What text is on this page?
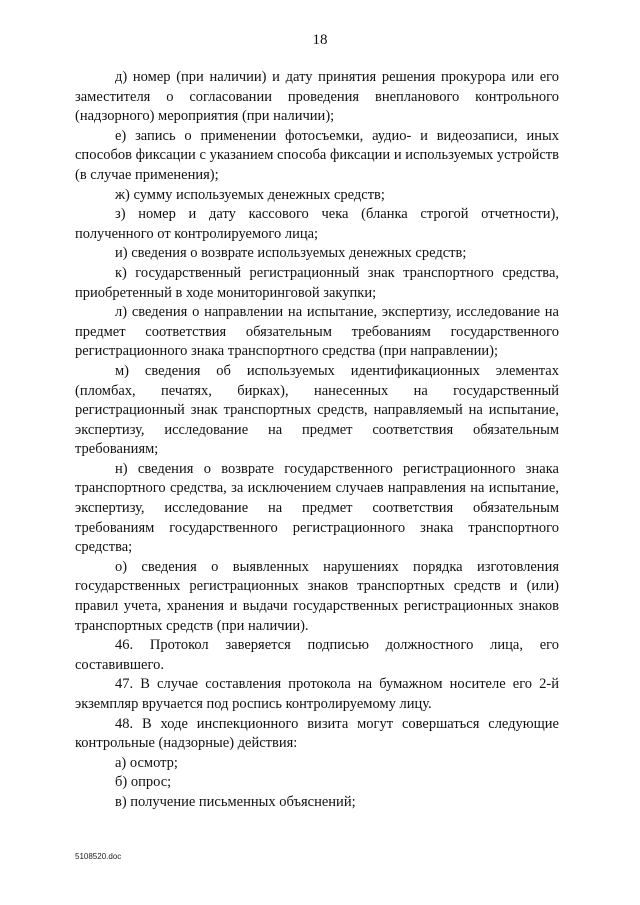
18

д) номер (при наличии) и дату принятия решения прокурора или его заместителя о согласовании проведения внепланового контрольного (надзорного) мероприятия (при наличии);

е) запись о применении фотосъемки, аудио- и видеозаписи, иных способов фиксации с указанием способа фиксации и используемых устройств (в случае применения);

ж) сумму используемых денежных средств;

з) номер и дату кассового чека (бланка строгой отчетности), полученного от контролируемого лица;

и) сведения о возврате используемых денежных средств;

к) государственный регистрационный знак транспортного средства, приобретенный в ходе мониторинговой закупки;

л) сведения о направлении на испытание, экспертизу, исследование на предмет соответствия обязательным требованиям государственного регистрационного знака транспортного средства (при направлении);

м) сведения об используемых идентификационных элементах (пломбах, печатях, бирках), нанесенных на государственный регистрационный знак транспортных средств, направляемый на испытание, экспертизу, исследование на предмет соответствия обязательным требованиям;

н) сведения о возврате государственного регистрационного знака транспортного средства, за исключением случаев направления на испытание, экспертизу, исследование на предмет соответствия обязательным требованиям государственного регистрационного знака транспортного средства;

о) сведения о выявленных нарушениях порядка изготовления государственных регистрационных знаков транспортных средств и (или) правил учета, хранения и выдачи государственных регистрационных знаков транспортных средств (при наличии).

46. Протокол заверяется подписью должностного лица, его составившего.

47. В случае составления протокола на бумажном носителе его 2-й экземпляр вручается под роспись контролируемому лицу.

48. В ходе инспекционного визита могут совершаться следующие контрольные (надзорные) действия:

а) осмотр;

б) опрос;

в) получение письменных объяснений;

5108520.doc
